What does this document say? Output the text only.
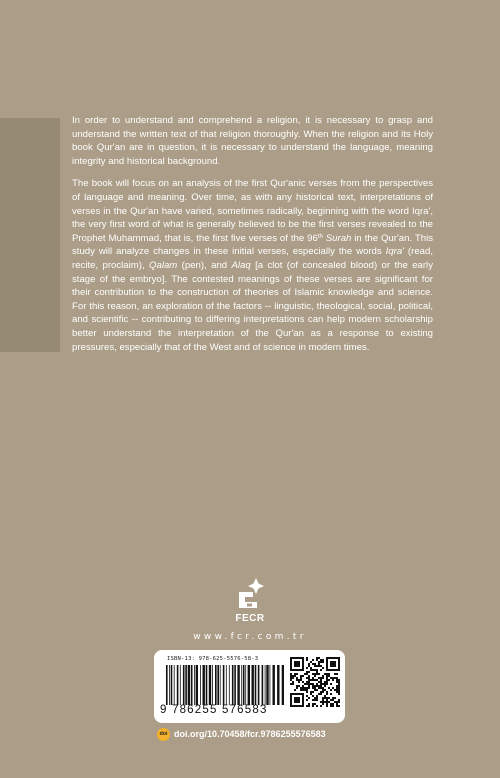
In order to understand and comprehend a religion, it is necessary to grasp and understand the written text of that religion thoroughly. When the religion and its Holy book Qur'an are in question, it is necessary to understand the language, meaning integrity and historical background.

The book will focus on an analysis of the first Qur'anic verses from the perspectives of language and meaning. Over time, as with any historical text, interpretations of verses in the Qur'an have varied, sometimes radically, beginning with the word Iqra', the very first word of what is generally believed to be the first verses revealed to the Prophet Muhammad, that is, the first five verses of the 96th Surah in the Qur'an. This study will analyze changes in these initial verses, especially the words Iqra' (read, recite, proclaim), Qalam (pen), and Alaq [a clot (of concealed blood) or the early stage of the embryo]. The contested meanings of these verses are significant for their contribution to the construction of theories of Islamic knowledge and science. For this reason, an exploration of the factors -- linguistic, theological, social, political, and scientific -- contributing to differing interpretations can help modern scholarship better understand the interpretation of the Qur'an as a response to existing pressures, especially that of the West and of science in modern times.

FECR
www.fcr.com.tr
ISBN-13: 978-625-5576-58-3
9 786255 576583
doi doi.org/10.70458/fcr.9786255576583
